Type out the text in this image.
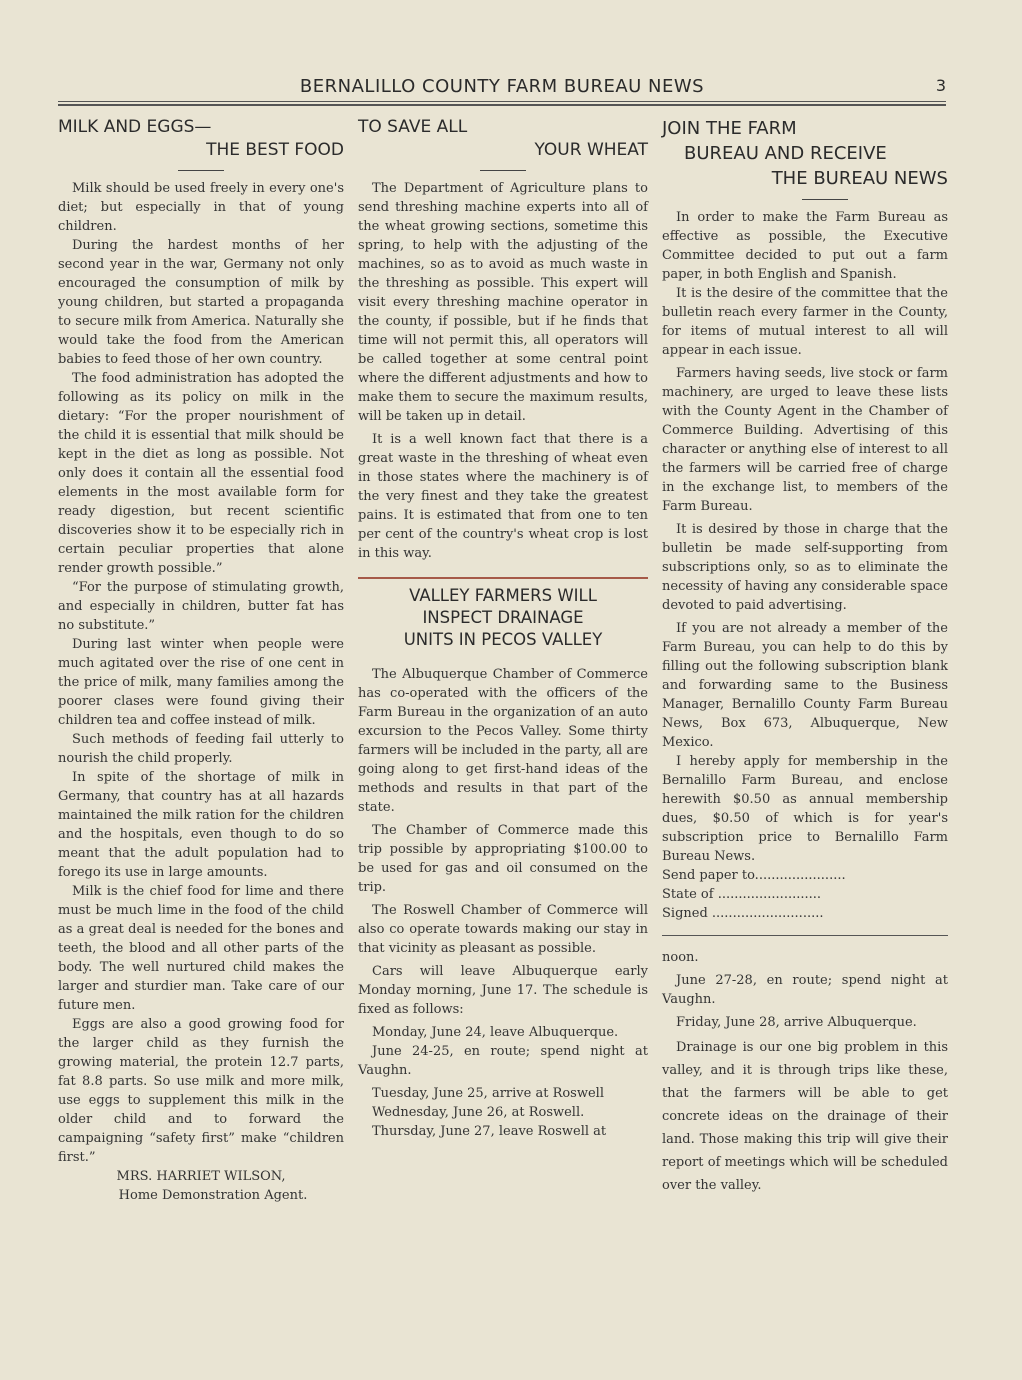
BERNALILLO COUNTY FARM BUREAU NEWS	3
MILK AND EGGS—
THE BEST FOOD

Milk should be used freely in every one's diet; but especially in that of young children.

During the hardest months of her second year in the war, Germany not only encouraged the consumption of milk by young children, but started a propaganda to secure milk from America. Naturally she would take the food from the American babies to feed those of her own country.

The food administration has adopted the following as its policy on milk in the dietary: “For the proper nourishment of the child it is essential that milk should be kept in the diet as long as possible. Not only does it contain all the essential food elements in the most available form for ready digestion, but recent scientific discoveries show it to be especially rich in certain peculiar properties that alone render growth possible.”

“For the purpose of stimulating growth, and especially in children, butter fat has no substitute.”

During last winter when people were much agitated over the rise of one cent in the price of milk, many families among the poorer clases were found giving their children tea and coffee instead of milk.

Such methods of feeding fail utterly to nourish the child properly.

In spite of the shortage of milk in Germany, that country has at all hazards maintained the milk ration for the children and the hospitals, even though to do so meant that the adult population had to forego its use in large amounts.

Milk is the chief food for lime and there must be much lime in the food of the child as a great deal is needed for the bones and teeth, the blood and all other parts of the body. The well nurtured child makes the larger and sturdier man. Take care of our future men.

Eggs are also a good growing food for the larger child as they furnish the growing material, the protein 12.7 parts, fat 8.8 parts. So use milk and more milk, use eggs to supplement this milk in the older child and to forward the campaigning “safety first” make “children first.”

MRS. HARRIET WILSON,

Home Demonstration Agent.

TO SAVE ALL
YOUR WHEAT

The Department of Agriculture plans to send threshing machine experts into all of the wheat growing sections, sometime this spring, to help with the adjusting of the machines, so as to avoid as much waste in the threshing as possible. This expert will visit every threshing machine operator in the county, if possible, but if he finds that time will not permit this, all operators will be called together at some central point where the different adjustments and how to make them to secure the maximum results, will be taken up in detail.

It is a well known fact that there is a great waste in the threshing of wheat even in those states where the machinery is of the very finest and they take the greatest pains. It is estimated that from one to ten per cent of the country's wheat crop is lost in this way.

VALLEY FARMERS WILL
INSPECT DRAINAGE
UNITS IN PECOS VALLEY

The Albuquerque Chamber of Commerce has co-operated with the officers of the Farm Bureau in the organization of an auto excursion to the Pecos Valley. Some thirty farmers will be included in the party, all are going along to get first-hand ideas of the methods and results in that part of the state.

The Chamber of Commerce made this trip possible by appropriating $100.00 to be used for gas and oil consumed on the trip.

The Roswell Chamber of Commerce will also co operate towards making our stay in that vicinity as pleasant as possible.

Cars will leave Albuquerque early Monday morning, June 17. The schedule is fixed as follows:

Monday, June 24, leave Albuquerque.

June 24-25, en route; spend night at Vaughn.

Tuesday, June 25, arrive at Roswell

Wednesday, June 26, at Roswell.

Thursday, June 27, leave Roswell at

JOIN THE FARM
BUREAU AND RECEIVE
THE BUREAU NEWS

In order to make the Farm Bureau as effective as possible, the Executive Committee decided to put out a farm paper, in both English and Spanish.

It is the desire of the committee that the bulletin reach every farmer in the County, for items of mutual interest to all will appear in each issue.

Farmers having seeds, live stock or farm machinery, are urged to leave these lists with the County Agent in the Chamber of Commerce Building. Advertising of this character or anything else of interest to all the farmers will be carried free of charge in the exchange list, to members of the Farm Bureau.

It is desired by those in charge that the bulletin be made self-supporting from subscriptions only, so as to eliminate the necessity of having any considerable space devoted to paid advertising.

If you are not already a member of the Farm Bureau, you can help to do this by filling out the following subscription blank and forwarding same to the Business Manager, Bernalillo County Farm Bureau News, Box 673, Albuquerque, New Mexico.

I hereby apply for membership in the Bernalillo Farm Bureau, and enclose herewith $0.50 as annual membership dues, $0.50 of which is for year's subscription price to Bernalillo Farm Bureau News.

Send paper to......................

State of .........................

Signed ...........................

noon.

June 27-28, en route; spend night at Vaughn.

Friday, June 28, arrive Albuquerque.

Drainage is our one big problem in this valley, and it is through trips like these, that the farmers will be able to get concrete ideas on the drainage of their land. Those making this trip will give their report of meetings which will be scheduled over the valley.
